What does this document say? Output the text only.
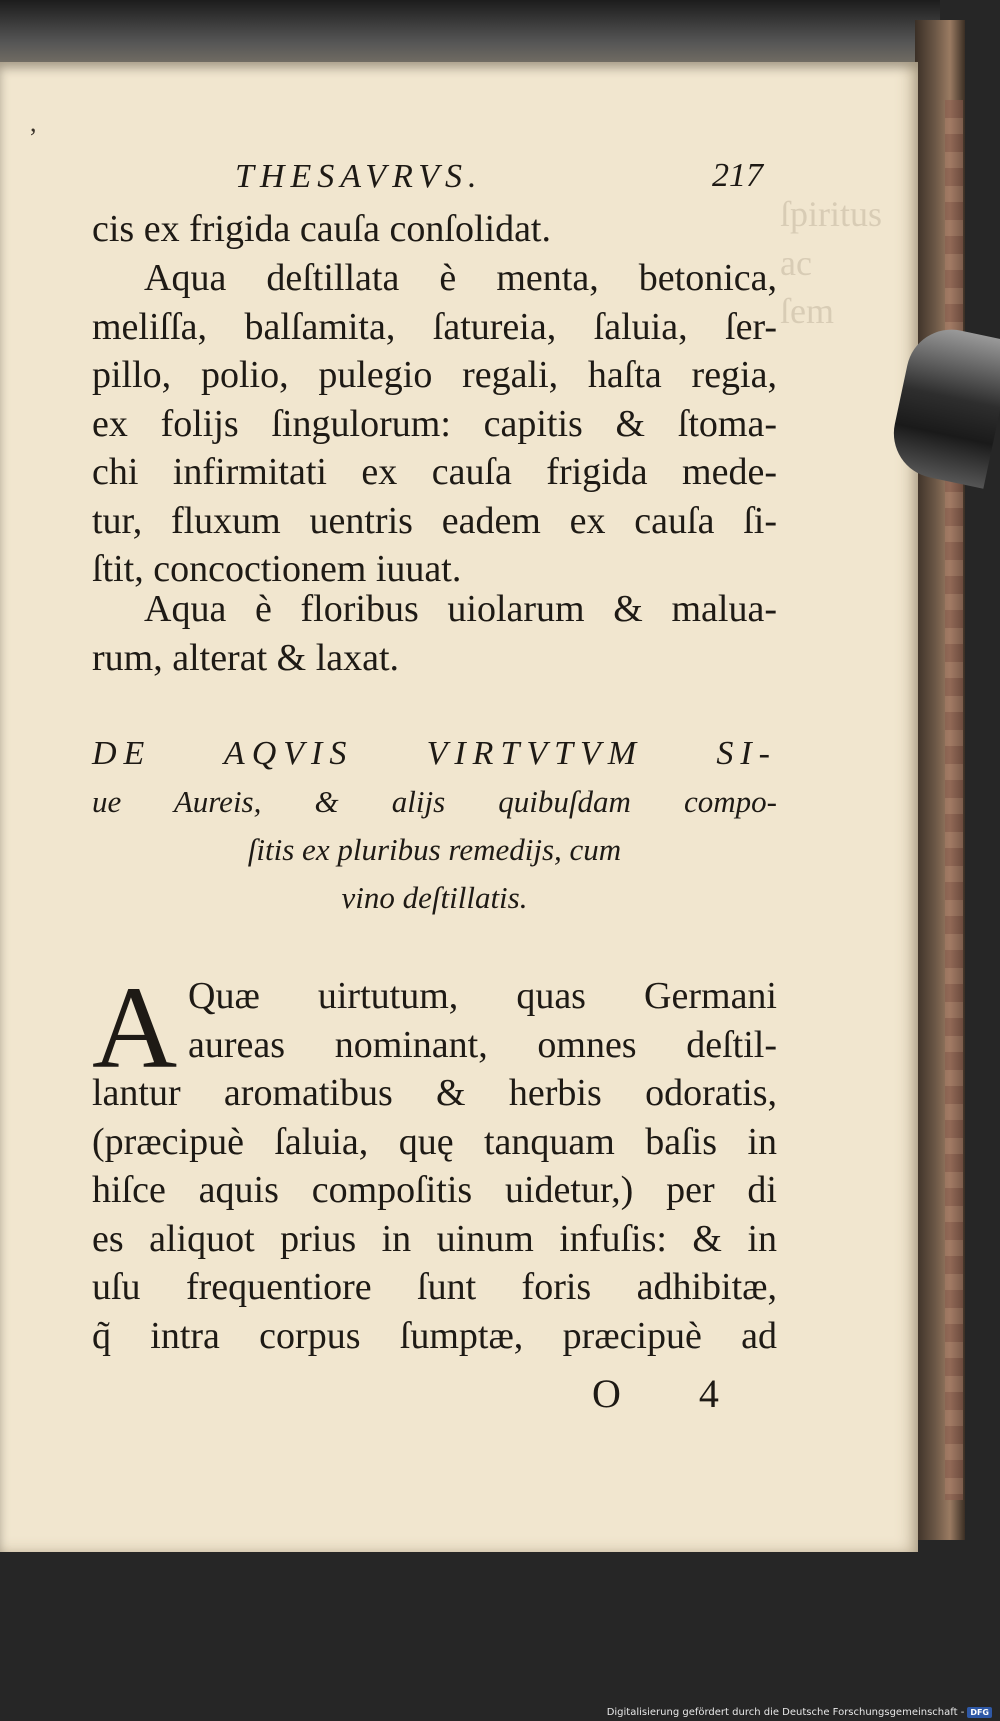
ſpiritus
ac
ſem
,
THESAVRVS.	217
cis ex frigida cauſa conſolidat.
Aqua deſtillata è menta, betonica,
meliſſa, balſamita, ſatureia, ſaluia, ſer-
pillo, polio, pulegio regali, haſta regia,
ex folijs ſingulorum: capitis & ſtoma-
chi infirmitati ex cauſa frigida mede-
tur, fluxum uentris eadem ex cauſa ſi-
ſtit, concoctionem iuuat.
Aqua è floribus uiolarum & malua-
rum, alterat & laxat.
DE AQVIS VIRTVTVM SI-
ue Aureis, & alijs quibuſdam compo-
ſitis ex pluribus remedijs, cum
vino deſtillatis.
A Quæ uirtutum, quas Germani
aureas nominant, omnes deſtil-
lantur aromatibus & herbis odoratis,
(præcipuè ſaluia, quę tanquam baſis in
hiſce aquis compoſitis uidetur,) per di
es aliquot prius in uinum infuſis: & in
uſu frequentiore ſunt foris adhibitæ,
q̃ intra corpus ſumptæ, præcipuè ad
O 4
Digitalisierung gefördert durch die Deutsche Forschungsgemeinschaft - DFG
